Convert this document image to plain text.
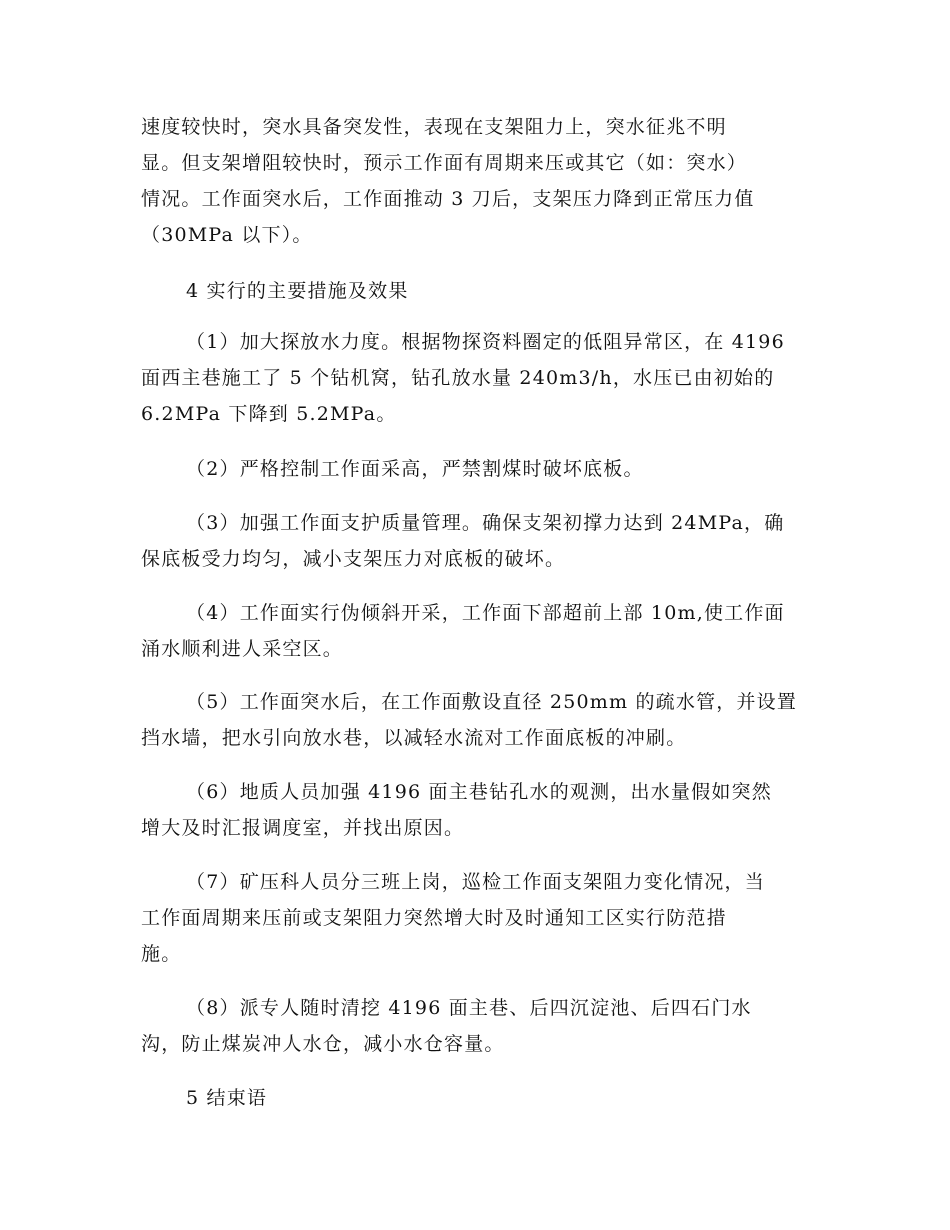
速度较快时，突水具备突发性，表现在支架阻力上，突水征兆不明
显。但支架增阻较快时，预示工作面有周期来压或其它（如：突水）
情况。工作面突水后，工作面推动 3 刀后，支架压力降到正常压力值
（30MPa 以下）。

4 实行的主要措施及效果

（1）加大探放水力度。根据物探资料圈定的低阻异常区，在 4196
面西主巷施工了 5 个钻机窝，钻孔放水量 240m3/h，水压已由初始的
6.2MPa 下降到 5.2MPa。

（2）严格控制工作面采高，严禁割煤时破坏底板。

（3）加强工作面支护质量管理。确保支架初撑力达到 24MPa，确
保底板受力均匀，减小支架压力对底板的破坏。

（4）工作面实行伪倾斜开采，工作面下部超前上部 10m,使工作面
涌水顺利进人采空区。

（5）工作面突水后，在工作面敷设直径 250mm 的疏水管，并设置
挡水墙，把水引向放水巷，以减轻水流对工作面底板的冲刷。

（6）地质人员加强 4196 面主巷钻孔水的观测，出水量假如突然
增大及时汇报调度室，并找出原因。

（7）矿压科人员分三班上岗，巡检工作面支架阻力变化情况，当
工作面周期来压前或支架阻力突然增大时及时通知工区实行防范措
施。

（8）派专人随时清挖 4196 面主巷、后四沉淀池、后四石门水
沟，防止煤炭冲人水仓，减小水仓容量。

5 结束语
